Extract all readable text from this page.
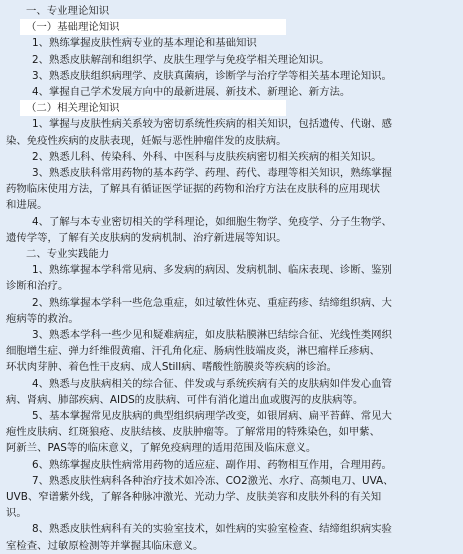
一、专业理论知识
（一）基础理论知识
1、熟练掌握皮肤性病专业的基本理论和基础知识
2、熟悉皮肤解剖和组织学、皮肤生理学与免疫学相关理论知识。
3、熟悉皮肤组织病理学、皮肤真菌病，诊断学与治疗学等相关基本理论知识。
4、掌握自己学术发展方向中的最新进展、新技术、新理论、新方法。
（二）相关理论知识
1、掌握与皮肤性病关系较为密切系统性疾病的相关知识，包括遗传、代谢、感
染、免疫性疾病的皮肤表现，妊娠与恶性肿瘤伴发的皮肤病。
2、熟悉儿科、传染科、外科、中医科与皮肤疾病密切相关疾病的相关知识。
3、熟悉皮肤科常用药物的基本药学、药理、药代、毒理等相关知识，熟练掌握
药物临床使用方法，了解具有循证医学证据的药物和治疗方法在皮肤科的应用现状
和进展。
4、了解与本专业密切相关的学科理论，如细胞生物学、免疫学、分子生物学、
遗传学等，了解有关皮肤病的发病机制、治疗新进展等知识。
二、专业实践能力
1、熟练掌握本学科常见病、多发病的病因、发病机制、临床表现、诊断、鉴别
诊断和治疗。
2、熟练掌握本学科一些危急重症，如过敏性休克、重症药疹、结缔组织病、大
疱病等的救治。
3、熟悉本学科一些少见和疑难病症，如皮肤粘膜淋巴结综合征、光线性类网织
细胞增生症、弹力纤维假黄瘤、汗孔角化症、肠病性肢端皮炎，淋巴瘤样丘疹病、
环状肉芽肿、着色性干皮病、成人Still病、嗜酸性筋膜炎等疾病的诊治。
4、熟悉与皮肤病相关的综合征、伴发或与系统疾病有关的皮肤病如伴发心血管
病、肾病、肺部疾病、AIDS的皮肤病、可伴有消化道出血或腹泻的皮肤病等。
5、基本掌握常见皮肤病的典型组织病理学改变，如银屑病、扁平苔藓、常见大
疱性皮肤病、红斑狼疮、皮肤结核、皮肤肿瘤等。了解常用的特殊染色，如甲紫、
阿新兰、PAS等的临床意义，了解免疫病理的适用范围及临床意义。
6、熟练掌握皮肤性病常用药物的适应症、副作用、药物相互作用，合理用药。
7、熟悉皮肤性病科各种治疗技术如冷冻、CO2激光、水疗、高频电刀、UVA、
UVB、窄谱紫外线，了解各种脉冲激光、光动力学、皮肤美容和皮肤外科的有关知
识。
8、熟悉皮肤性病科有关的实验室技术，如性病的实验室检查、结缔组织病实验
室检查、过敏原检测等并掌握其临床意义。
